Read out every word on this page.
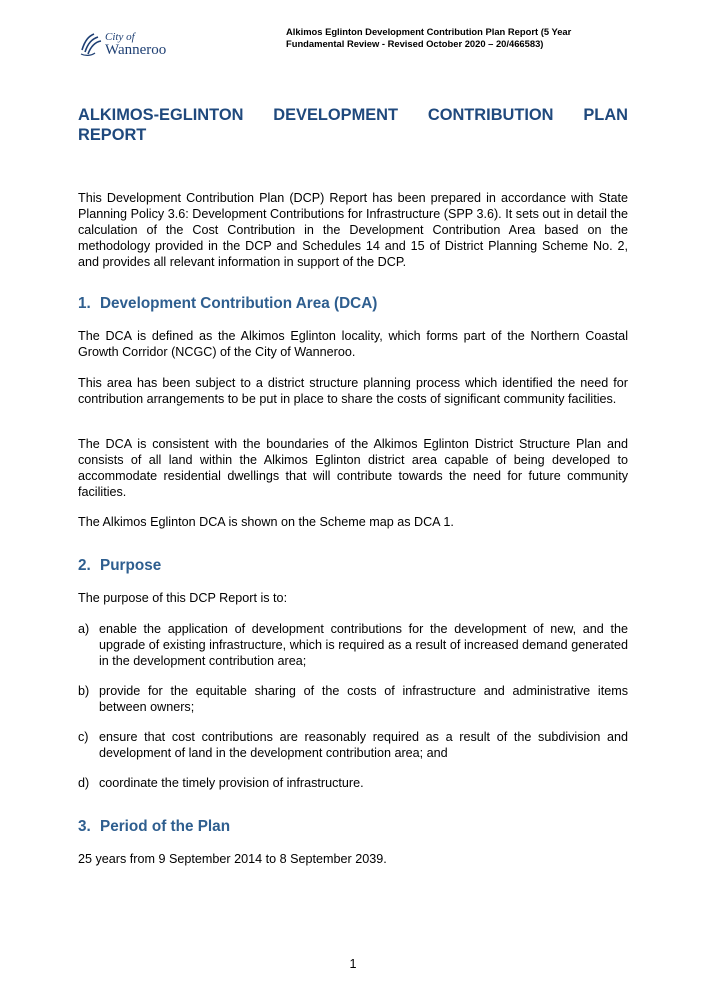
City of
Wanneroo
Alkimos Eglinton Development Contribution Plan Report (5 Year
Fundamental Review - Revised October 2020 – 20/466583)
ALKIMOS-EGLINTON DEVELOPMENT CONTRIBUTION PLAN
REPORT

This Development Contribution Plan (DCP) Report has been prepared in accordance with State Planning Policy 3.6: Development Contributions for Infrastructure (SPP 3.6). It sets out in detail the calculation of the Cost Contribution in the Development Contribution Area based on the methodology provided in the DCP and Schedules 14 and 15 of District Planning Scheme No. 2, and provides all relevant information in support of the DCP.

1. Development Contribution Area (DCA)

The DCA is defined as the Alkimos Eglinton locality, which forms part of the Northern Coastal Growth Corridor (NCGC) of the City of Wanneroo.

This area has been subject to a district structure planning process which identified the need for contribution arrangements to be put in place to share the costs of significant community facilities.

The DCA is consistent with the boundaries of the Alkimos Eglinton District Structure Plan and consists of all land within the Alkimos Eglinton district area capable of being developed to accommodate residential dwellings that will contribute towards the need for future community facilities.

The Alkimos Eglinton DCA is shown on the Scheme map as DCA 1.

2. Purpose

The purpose of this DCP Report is to:

a) enable the application of development contributions for the development of new, and the upgrade of existing infrastructure, which is required as a result of increased demand generated in the development contribution area;
b) provide for the equitable sharing of the costs of infrastructure and administrative items between owners;
c) ensure that cost contributions are reasonably required as a result of the subdivision and development of land in the development contribution area; and
d) coordinate the timely provision of infrastructure.
3. Period of the Plan

25 years from 9 September 2014 to 8 September 2039.

1
